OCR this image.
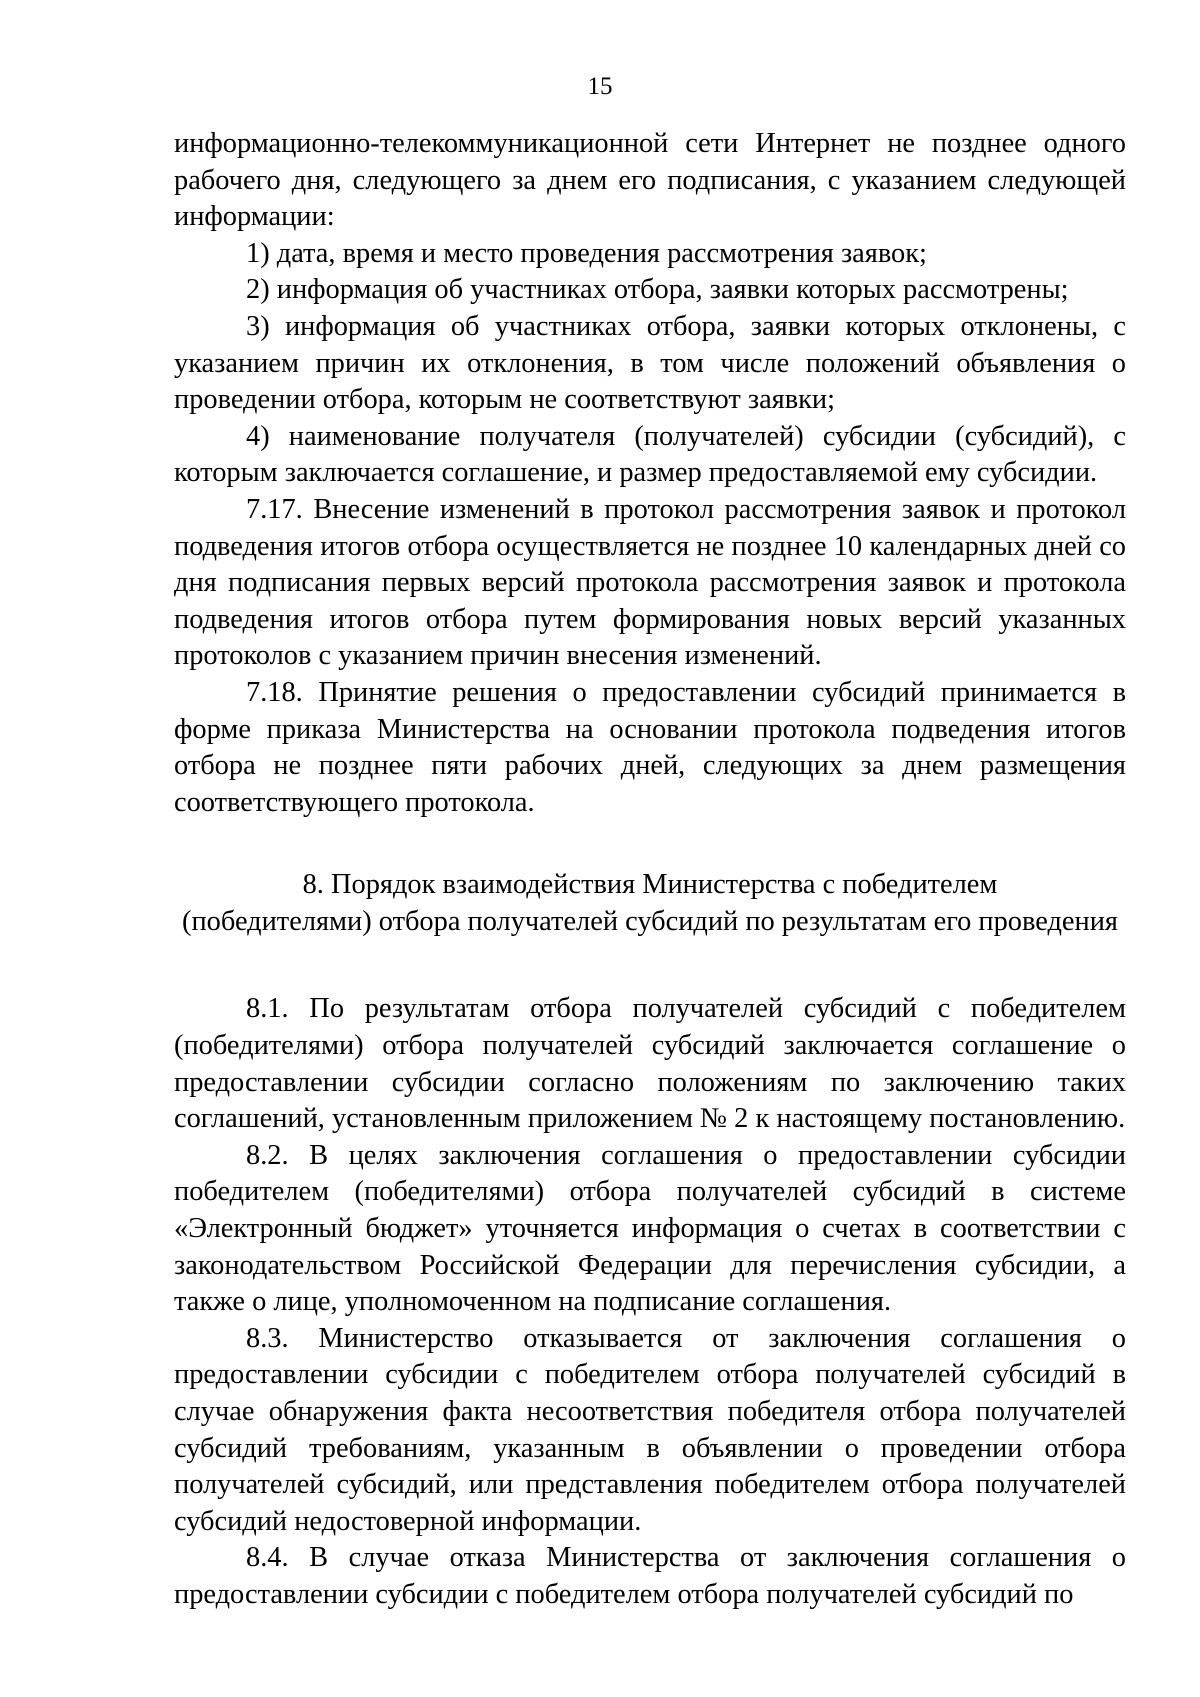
15

информационно-телекоммуникационной сети Интернет не позднее одного рабочего дня, следующего за днем его подписания, с указанием следующей информации:

1) дата, время и место проведения рассмотрения заявок;

2) информация об участниках отбора, заявки которых рассмотрены;

3) информация об участниках отбора, заявки которых отклонены, с указанием причин их отклонения, в том числе положений объявления о проведении отбора, которым не соответствуют заявки;

4) наименование получателя (получателей) субсидии (субсидий), с которым заключается соглашение, и размер предоставляемой ему субсидии.

7.17. Внесение изменений в протокол рассмотрения заявок и протокол подведения итогов отбора осуществляется не позднее 10 календарных дней со дня подписания первых версий протокола рассмотрения заявок и протокола подведения итогов отбора путем формирования новых версий указанных протоколов с указанием причин внесения изменений.

7.18. Принятие решения о предоставлении субсидий принимается в форме приказа Министерства на основании протокола подведения итогов отбора не позднее пяти рабочих дней, следующих за днем размещения соответствующего протокола.

8. Порядок взаимодействия Министерства с победителем
(победителями) отбора получателей субсидий по результатам его проведения

8.1. По результатам отбора получателей субсидий с победителем (победителями) отбора получателей субсидий заключается соглашение о предоставлении субсидии согласно положениям по заключению таких соглашений, установленным приложением № 2 к настоящему постановлению.

8.2. В целях заключения соглашения о предоставлении субсидии победителем (победителями) отбора получателей субсидий в системе «Электронный бюджет» уточняется информация о счетах в соответствии с законодательством Российской Федерации для перечисления субсидии, а также о лице, уполномоченном на подписание соглашения.

8.3. Министерство отказывается от заключения соглашения о предоставлении субсидии с победителем отбора получателей субсидий в случае обнаружения факта несоответствия победителя отбора получателей субсидий требованиям, указанным в объявлении о проведении отбора получателей субсидий, или представления победителем отбора получателей субсидий недостоверной информации.

8.4. В случае отказа Министерства от заключения соглашения о предоставлении субсидии с победителем отбора получателей субсидий по
